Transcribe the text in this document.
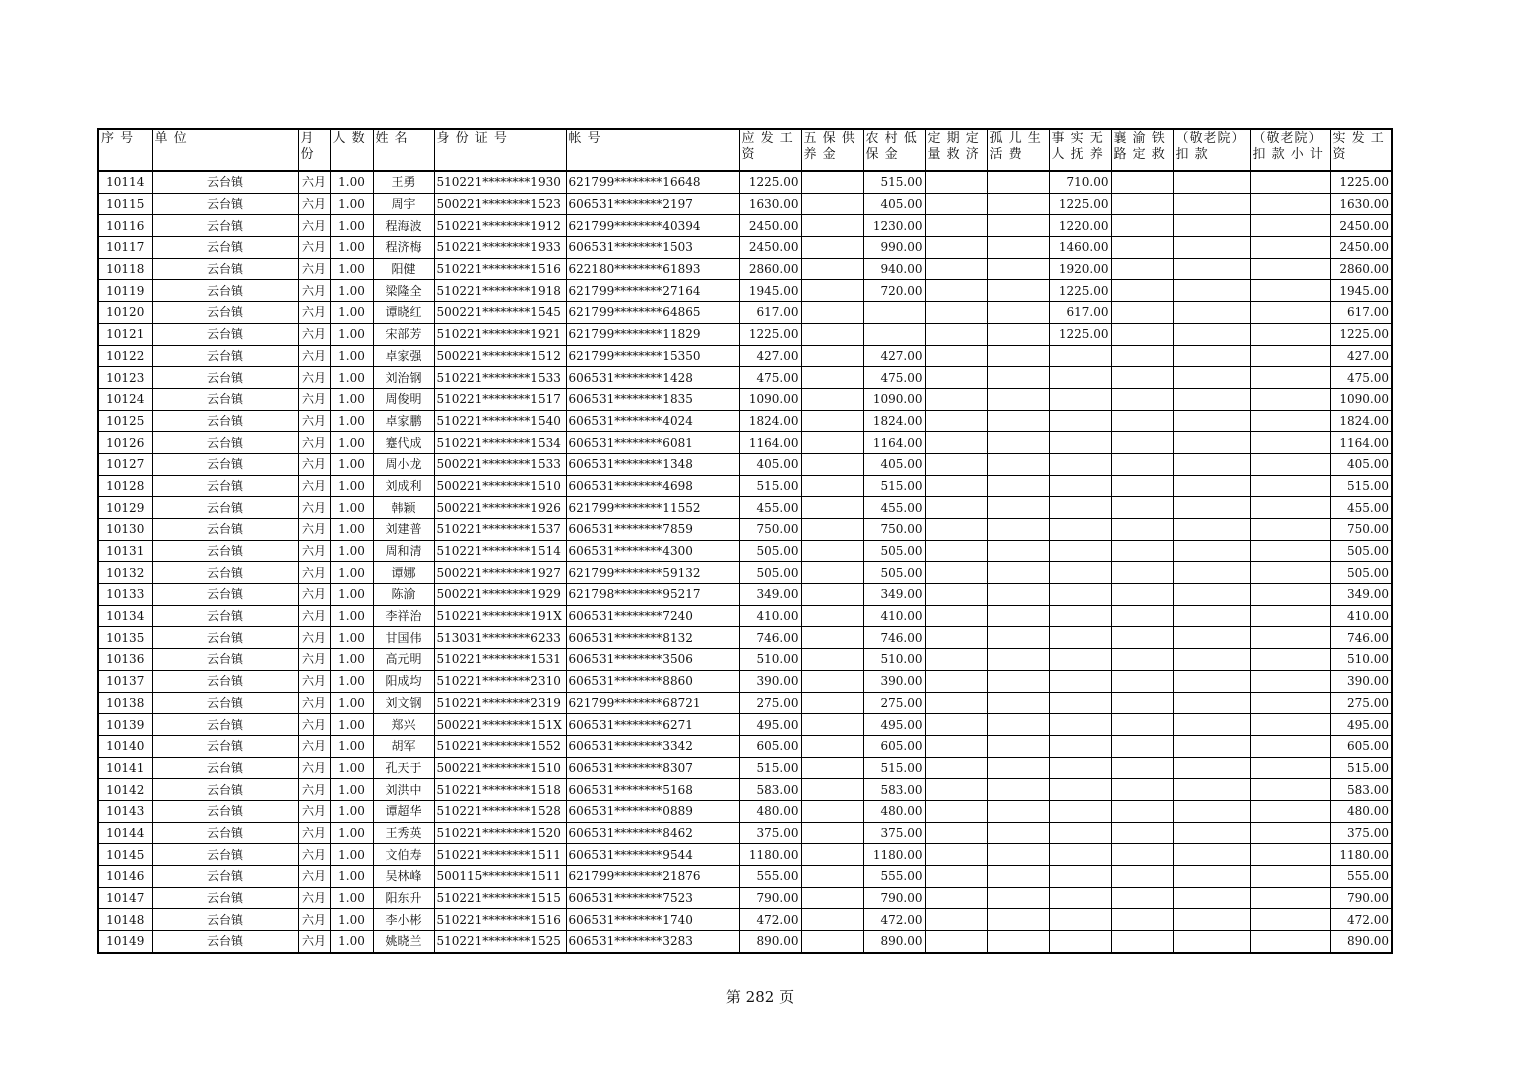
序 号	单 位	月份	人 数	姓 名	身 份 证 号	帐 号	应 发 工 资	五 保 供 养 金	农 村 低 保 金	定 期 定 量 救 济	孤 儿 生 活 费	事 实 无 人 抚 养	襄 渝 铁 路 定 救	（敬老院） 扣 款	（敬老院） 扣 款 小 计	实 发 工 资
10114	云台镇	六月	1.00	王勇	510221********1930	621799********16648	1225.00		515.00			710.00				1225.00
10115	云台镇	六月	1.00	周宇	500221********1523	606531********2197	1630.00		405.00			1225.00				1630.00
10116	云台镇	六月	1.00	程海波	510221********1912	621799********40394	2450.00		1230.00			1220.00				2450.00
10117	云台镇	六月	1.00	程济梅	510221********1933	606531********1503	2450.00		990.00			1460.00				2450.00
10118	云台镇	六月	1.00	阳健	510221********1516	622180********61893	2860.00		940.00			1920.00				2860.00
10119	云台镇	六月	1.00	梁隆全	510221********1918	621799********27164	1945.00		720.00			1225.00				1945.00
10120	云台镇	六月	1.00	谭晓红	500221********1545	621799********64865	617.00					617.00				617.00
10121	云台镇	六月	1.00	宋部芳	510221********1921	621799********11829	1225.00					1225.00				1225.00
10122	云台镇	六月	1.00	卓家强	500221********1512	621799********15350	427.00		427.00							427.00
10123	云台镇	六月	1.00	刘治钢	510221********1533	606531********1428	475.00		475.00							475.00
10124	云台镇	六月	1.00	周俊明	510221********1517	606531********1835	1090.00		1090.00							1090.00
10125	云台镇	六月	1.00	卓家鹏	510221********1540	606531********4024	1824.00		1824.00							1824.00
10126	云台镇	六月	1.00	蹇代成	510221********1534	606531********6081	1164.00		1164.00							1164.00
10127	云台镇	六月	1.00	周小龙	500221********1533	606531********1348	405.00		405.00							405.00
10128	云台镇	六月	1.00	刘成利	500221********1510	606531********4698	515.00		515.00							515.00
10129	云台镇	六月	1.00	韩颖	500221********1926	621799********11552	455.00		455.00							455.00
10130	云台镇	六月	1.00	刘建普	510221********1537	606531********7859	750.00		750.00							750.00
10131	云台镇	六月	1.00	周和清	510221********1514	606531********4300	505.00		505.00							505.00
10132	云台镇	六月	1.00	谭娜	500221********1927	621799********59132	505.00		505.00							505.00
10133	云台镇	六月	1.00	陈渝	500221********1929	621798********95217	349.00		349.00							349.00
10134	云台镇	六月	1.00	李祥治	510221********191X	606531********7240	410.00		410.00							410.00
10135	云台镇	六月	1.00	甘国伟	513031********6233	606531********8132	746.00		746.00							746.00
10136	云台镇	六月	1.00	高元明	510221********1531	606531********3506	510.00		510.00							510.00
10137	云台镇	六月	1.00	阳成均	510221********2310	606531********8860	390.00		390.00							390.00
10138	云台镇	六月	1.00	刘文钢	510221********2319	621799********68721	275.00		275.00							275.00
10139	云台镇	六月	1.00	郑兴	500221********151X	606531********6271	495.00		495.00							495.00
10140	云台镇	六月	1.00	胡军	510221********1552	606531********3342	605.00		605.00							605.00
10141	云台镇	六月	1.00	孔天于	500221********1510	606531********8307	515.00		515.00							515.00
10142	云台镇	六月	1.00	刘洪中	510221********1518	606531********5168	583.00		583.00							583.00
10143	云台镇	六月	1.00	谭超华	510221********1528	606531********0889	480.00		480.00							480.00
10144	云台镇	六月	1.00	王秀英	510221********1520	606531********8462	375.00		375.00							375.00
10145	云台镇	六月	1.00	文伯寿	510221********1511	606531********9544	1180.00		1180.00							1180.00
10146	云台镇	六月	1.00	吴林峰	500115********1511	621799********21876	555.00		555.00							555.00
10147	云台镇	六月	1.00	阳东升	510221********1515	606531********7523	790.00		790.00							790.00
10148	云台镇	六月	1.00	李小彬	510221********1516	606531********1740	472.00		472.00							472.00
10149	云台镇	六月	1.00	姚晓兰	510221********1525	606531********3283	890.00		890.00							890.00
第 282 页
